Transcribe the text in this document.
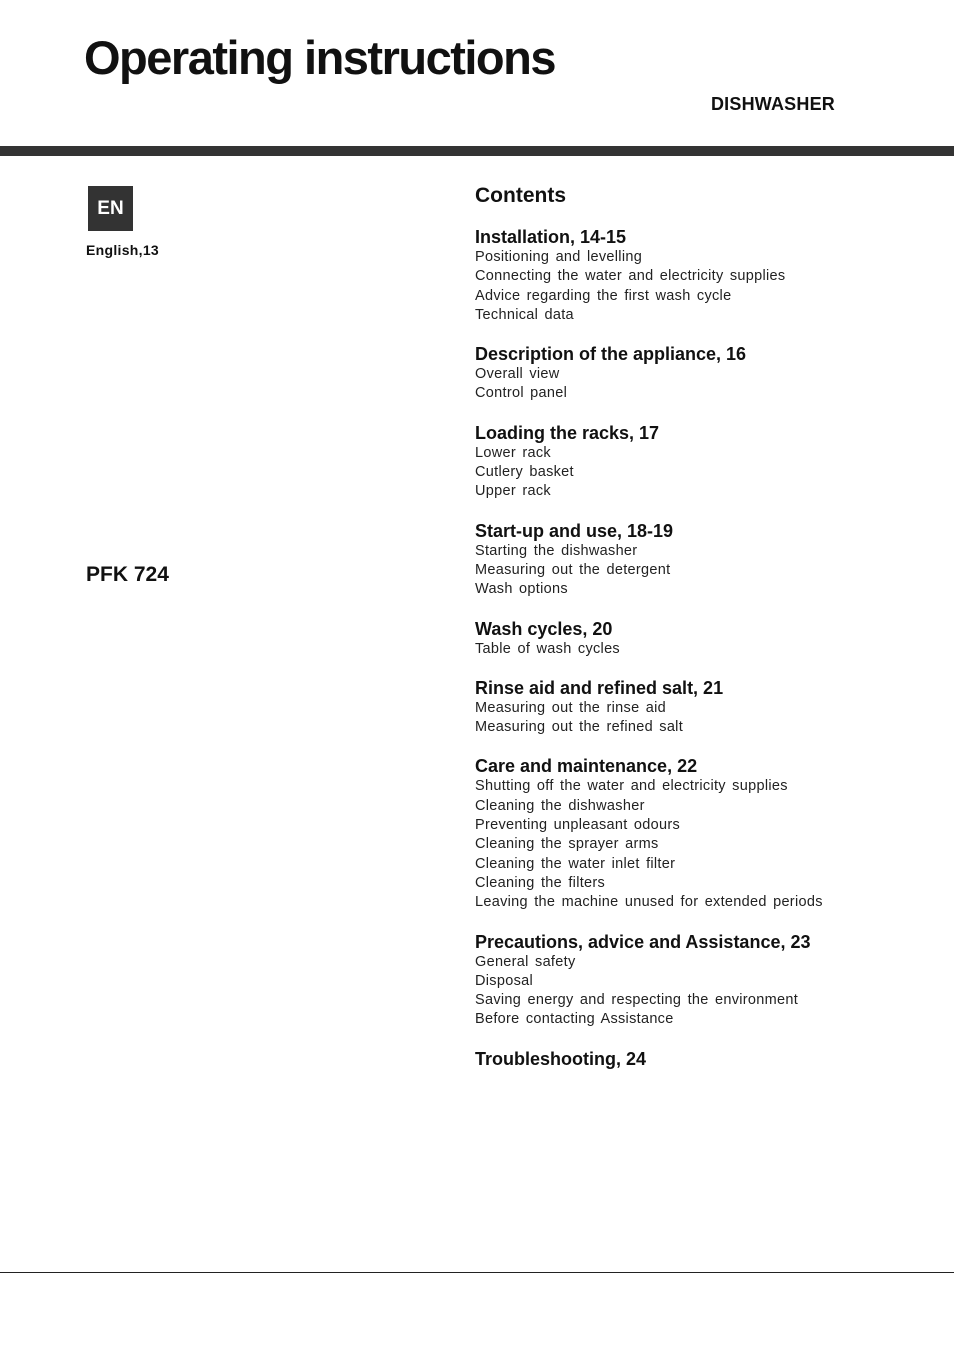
Operating instructions
DISHWASHER
EN
English,13
PFK 724
Contents
Installation, 14-15
Positioning and levelling
Connecting the water and electricity supplies
Advice regarding the first wash cycle
Technical data
Description of the appliance, 16
Overall view
Control panel
Loading the racks, 17
Lower rack
Cutlery basket
Upper rack
Start-up and use, 18-19
Starting the dishwasher
Measuring out the detergent
Wash options
Wash cycles, 20
Table of wash cycles
Rinse aid and refined salt, 21
Measuring out the rinse aid
Measuring out the refined salt
Care and maintenance, 22
Shutting off the water and electricity supplies
Cleaning the dishwasher
Preventing unpleasant odours
Cleaning the sprayer arms
Cleaning the water inlet filter
Cleaning the filters
Leaving the machine unused for extended periods
Precautions, advice and Assistance, 23
General safety
Disposal
Saving energy and respecting the environment
Before contacting Assistance
Troubleshooting, 24
